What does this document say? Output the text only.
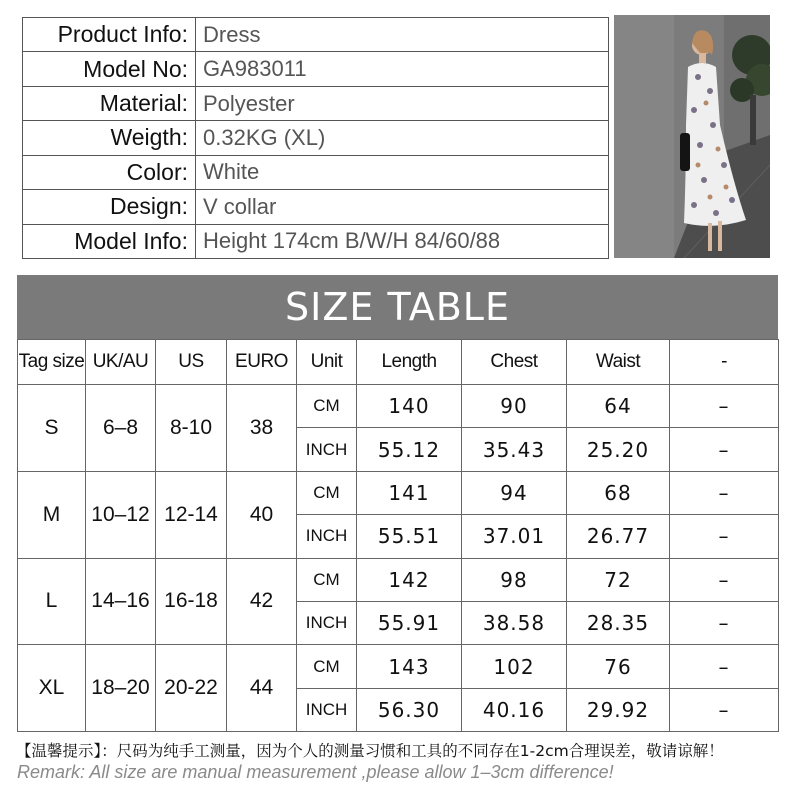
Product Info:	Dress
Model No:	GA983011
Material:	Polyester
Weigth:	0.32KG (XL)
Color:	White
Design:	V collar
Model Info:	Height 174cm B/W/H 84/60/88
SIZE TABLE
Tag size	UK/AU	US	EURO	Unit	Length	Chest	Waist	-
S	6–8	8-10	38	CM	140	90	64	–
				INCH	55.12	35.43	25.20	–
M	10–12	12-14	40	CM	141	94	68	–
				INCH	55.51	37.01	26.77	–
L	14–16	16-18	42	CM	142	98	72	–
				INCH	55.91	38.58	28.35	–
XL	18–20	20-22	44	CM	143	102	76	–
				INCH	56.30	40.16	29.92	–
【温馨提示】：尺码为纯手工测量，因为个人的测量习惯和工具的不同存在1-2cm合理误差，敬请谅解！
Remark: All size are manual measurement ,please allow 1–3cm difference!
